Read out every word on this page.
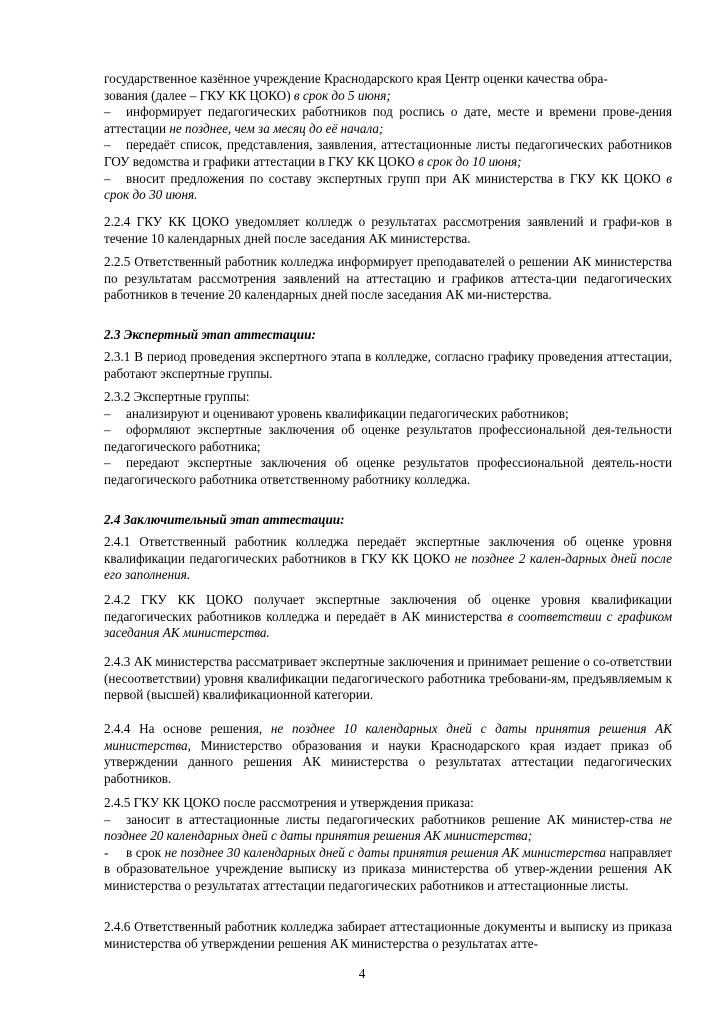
государственное казённое учреждение Краснодарского края Центр оценки качества обра-

зования (далее – ГКУ КК ЦОКО) в срок до 5 июня;

– информирует педагогических работников под роспись о дате, месте и времени прове-дения аттестации не позднее, чем за месяц до её начала;

– передаёт список, представления, заявления, аттестационные листы педагогических работников ГОУ ведомства и графики аттестации в ГКУ КК ЦОКО в срок до 10 июня;

– вносит предложения по составу экспертных групп при АК министерства в ГКУ КК ЦОКО в срок до 30 июня.

2.2.4 ГКУ КК ЦОКО уведомляет колледж о результатах рассмотрения заявлений и графи-ков в течение 10 календарных дней после заседания АК министерства.

2.2.5 Ответственный работник колледжа информирует преподавателей о решении АК министерства по результатам рассмотрения заявлений на аттестацию и графиков аттеста-ции педагогических работников в течение 20 календарных дней после заседания АК ми-нистерства.

2.3 Экспертный этап аттестации:

2.3.1 В период проведения экспертного этапа в колледже, согласно графику проведения аттестации, работают экспертные группы.

2.3.2 Экспертные группы:

– анализируют и оценивают уровень квалификации педагогических работников;

– оформляют экспертные заключения об оценке результатов профессиональной дея-тельности педагогического работника;

– передают экспертные заключения об оценке результатов профессиональной деятель-ности педагогического работника ответственному работнику колледжа.

2.4 Заключительный этап аттестации:

2.4.1 Ответственный работник колледжа передаёт экспертные заключения об оценке уровня квалификации педагогических работников в ГКУ КК ЦОКО не позднее 2 кален-дарных дней после его заполнения.

2.4.2 ГКУ КК ЦОКО получает экспертные заключения об оценке уровня квалификации педагогических работников колледжа и передаёт в АК министерства в соответствии с графиком заседания АК министерства.

2.4.3 АК министерства рассматривает экспертные заключения и принимает решение о со-ответствии (несоответствии) уровня квалификации педагогического работника требовани-ям, предъявляемым к первой (высшей) квалификационной категории.

2.4.4 На основе решения, не позднее 10 календарных дней с даты принятия решения АК министерства, Министерство образования и науки Краснодарского края издает приказ об утверждении данного решения АК министерства о результатах аттестации педагогических работников.

2.4.5 ГКУ КК ЦОКО после рассмотрения и утверждения приказа:

– заносит в аттестационные листы педагогических работников решение АК министер-ства не позднее 20 календарных дней с даты принятия решения АК министерства;

- в срок не позднее 30 календарных дней с даты принятия решения АК министерства направляет в образовательное учреждение выписку из приказа министерства об утвер-ждении решения АК министерства о результатах аттестации педагогических работников и аттестационные листы.

2.4.6 Ответственный работник колледжа забирает аттестационные документы и выписку из приказа министерства об утверждении решения АК министерства о результатах атте-

4
